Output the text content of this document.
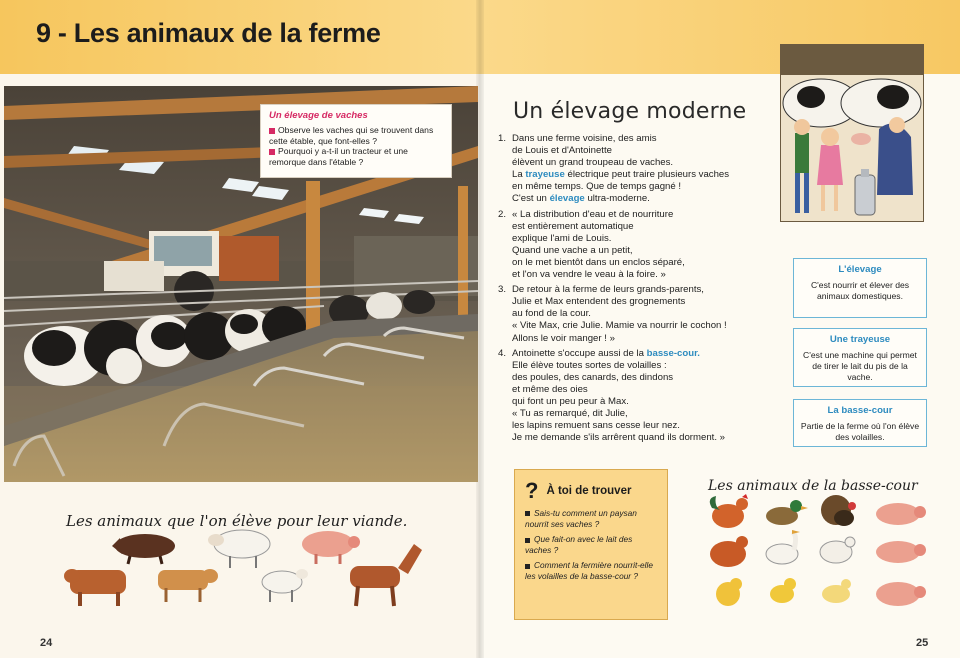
9 - Les animaux de la ferme
Un élevage de vaches
Observe les vaches qui se trouvent dans cette étable, que font-elles ?
Pourquoi y a-t-il un tracteur et une remorque dans l'étable ?
Les animaux que l'on élève pour leur viande.
24
Un élevage moderne
1. Dans une ferme voisine, des amis
de Louis et d'Antoinette
élèvent un grand troupeau de vaches.
La trayeuse électrique peut traire plusieurs vaches
en même temps. Que de temps gagné !
C'est un élevage ultra-moderne.
2. « La distribution d'eau et de nourriture
est entièrement automatique
explique l'ami de Louis.
Quand une vache a un petit,
on le met bientôt dans un enclos séparé,
et l'on va vendre le veau à la foire. »
3. De retour à la ferme de leurs grands-parents,
Julie et Max entendent des grognements
au fond de la cour.
« Vite Max, crie Julie. Mamie va nourrir le cochon !
Allons le voir manger ! »
4. Antoinette s'occupe aussi de la basse-cour.
Elle élève toutes sortes de volailles :
des poules, des canards, des dindons
et même des oies
qui font un peu peur à Max.
« Tu as remarqué, dit Julie,
les lapins remuent sans cesse leur nez.
Je me demande s'ils arrêrent quand ils dorment. »
L'élevage
C'est nourrir et élever des animaux domestiques.
Une trayeuse
C'est une machine qui permet de tirer le lait du pis de la vache.
La basse-cour
Partie de la ferme où l'on élève des volailles.
? À toi de trouver
Sais-tu comment un paysan nourrit ses vaches ?
Que fait-on avec le lait des vaches ?
Comment la fermière nourrit-elle les volailles de la basse-cour ?
Les animaux de la basse-cour
25
